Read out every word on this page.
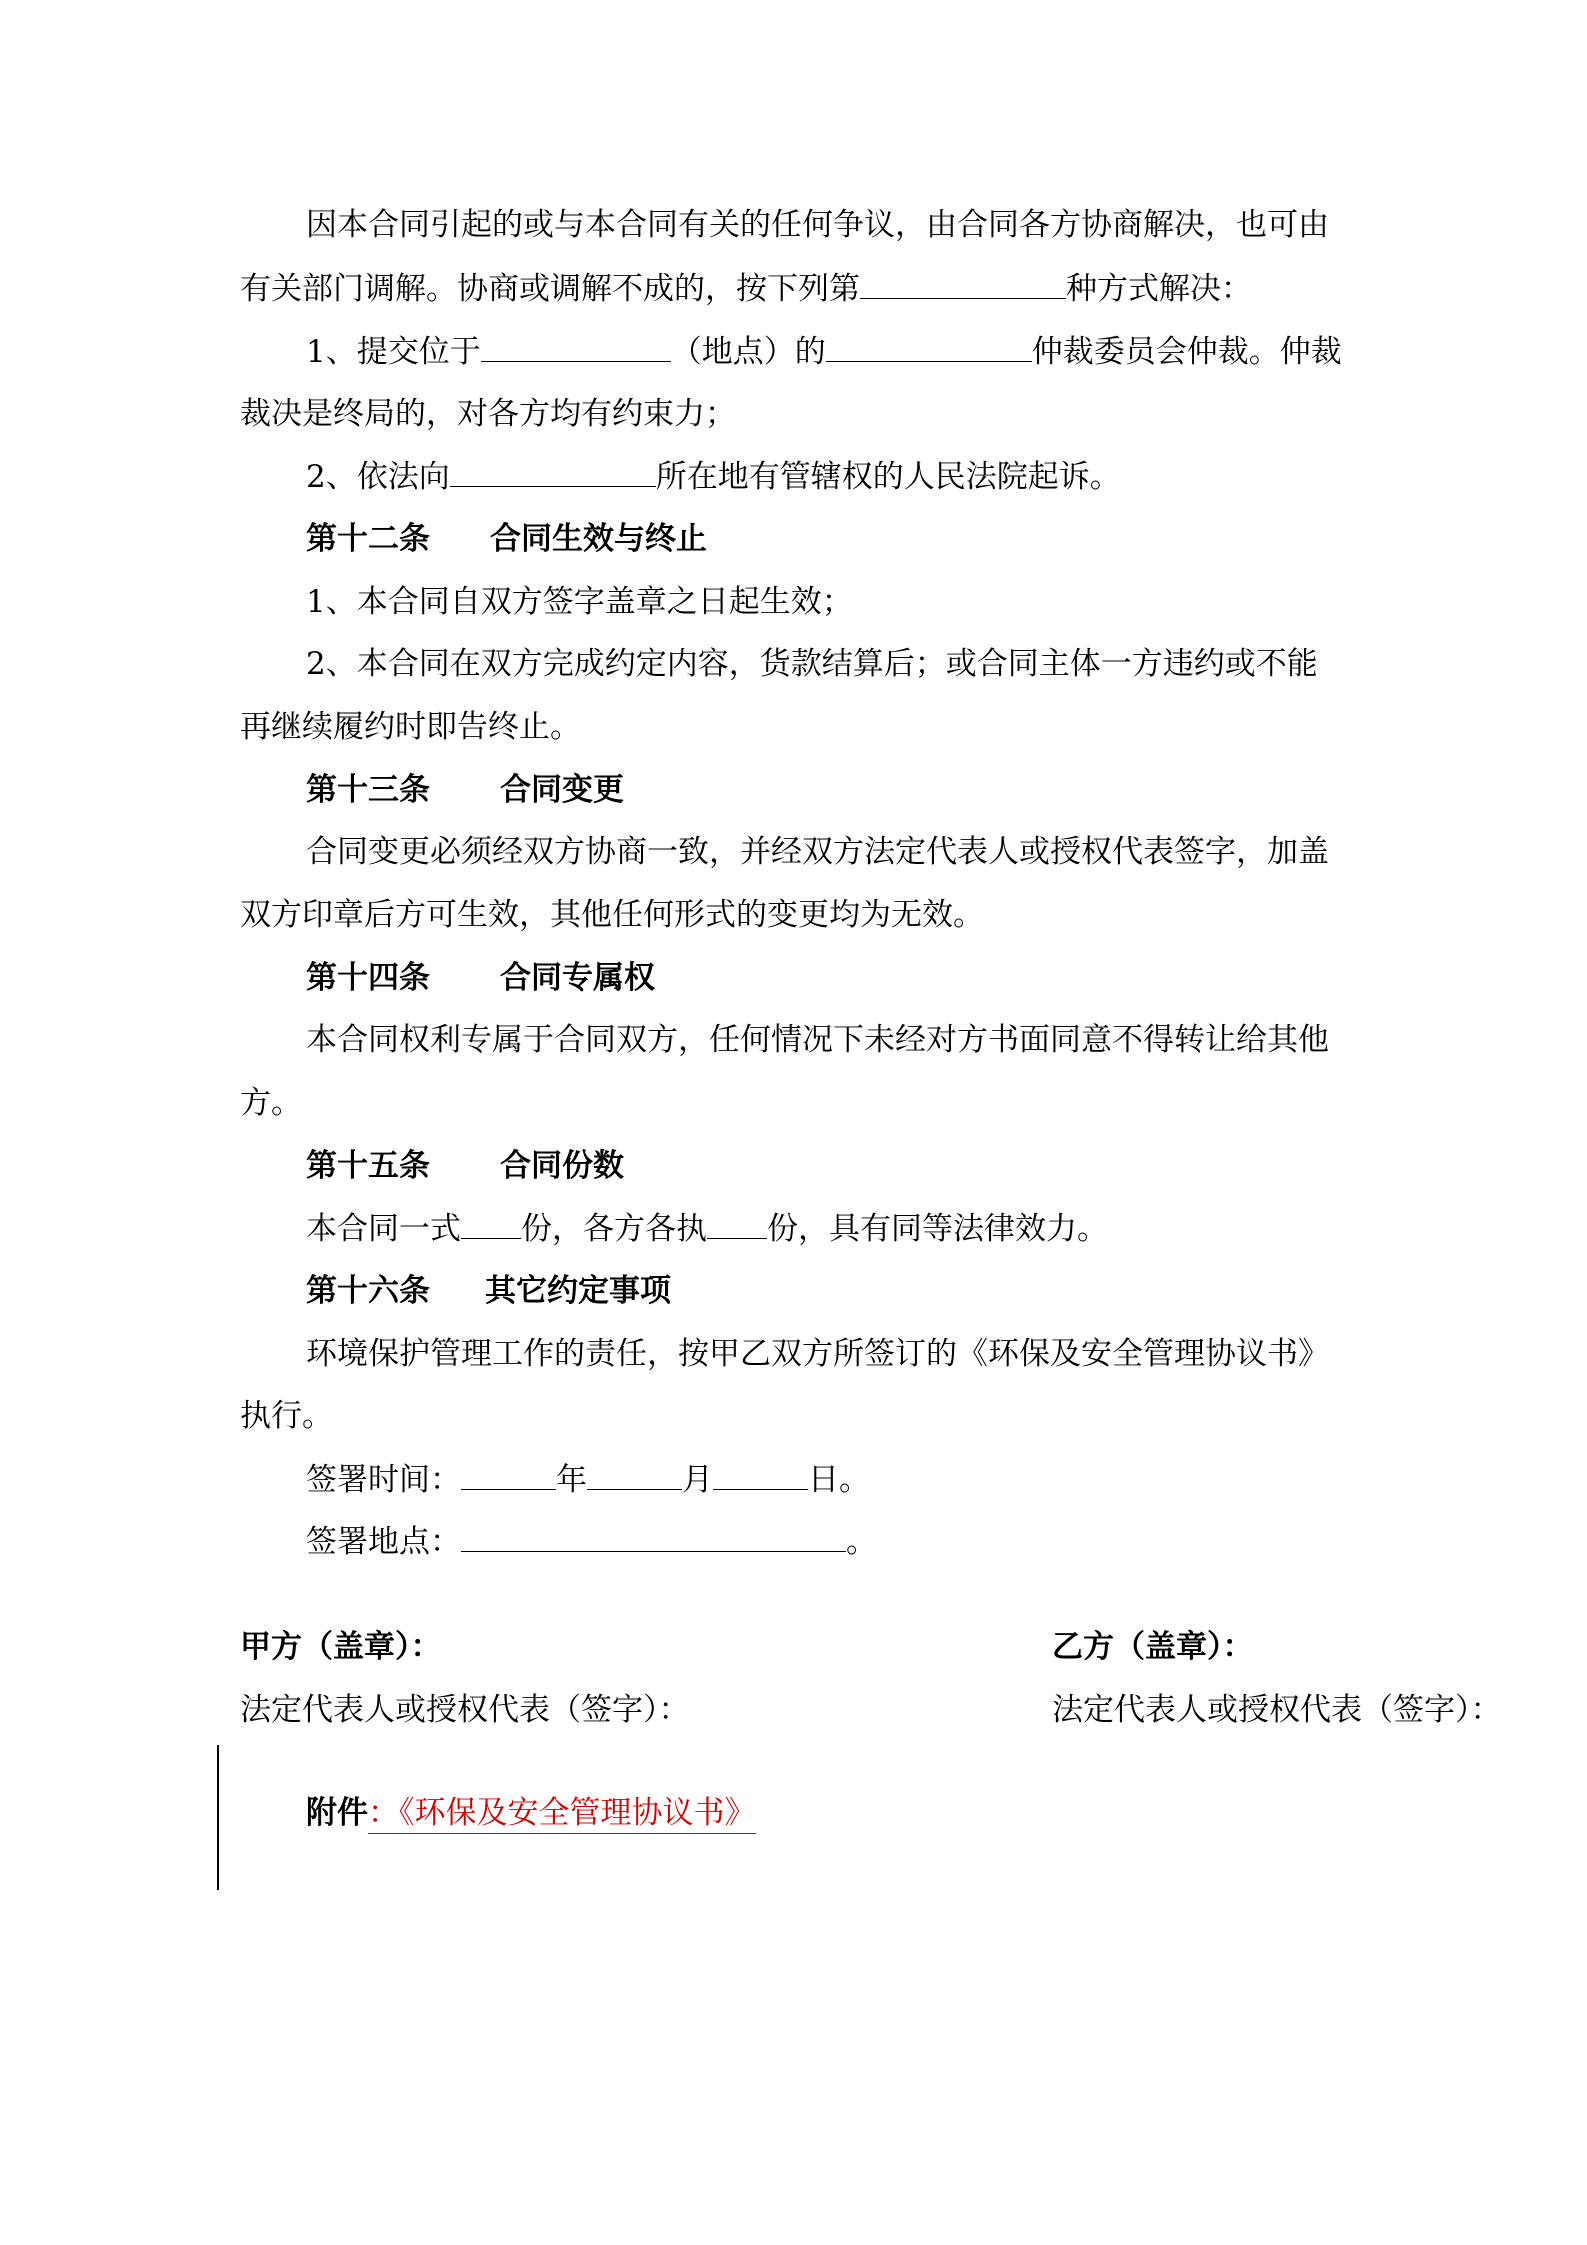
因本合同引起的或与本合同有关的任何争议，由合同各方协商解决，也可由
有关部门调解。协商或调解不成的，按下列第	种方式解决：
1、提交位于	（地点）的	仲裁委员会仲裁。仲裁
裁决是终局的，对各方均有约束力；
2、依法向	所在地有管辖权的人民法院起诉。
第十二条 合同生效与终止
1、本合同自双方签字盖章之日起生效；
2、本合同在双方完成约定内容，货款结算后；或合同主体一方违约或不能
再继续履约时即告终止。
第十三条 合同变更
合同变更必须经双方协商一致，并经双方法定代表人或授权代表签字，加盖
双方印章后方可生效，其他任何形式的变更均为无效。
第十四条 合同专属权
本合同权利专属于合同双方，任何情况下未经对方书面同意不得转让给其他
方。
第十五条 合同份数
本合同一式 份，各方各执 份，具有同等法律效力。
第十六条 其它约定事项
环境保护管理工作的责任，按甲乙双方所签订的《环保及安全管理协议书》
执行。
签署时间：	年	月	日。
签署地点：	。
甲方（盖章）：	乙方（盖章）：
法定代表人或授权代表（签字）：	法定代表人或授权代表（签字）：
附件：《环保及安全管理协议书》
